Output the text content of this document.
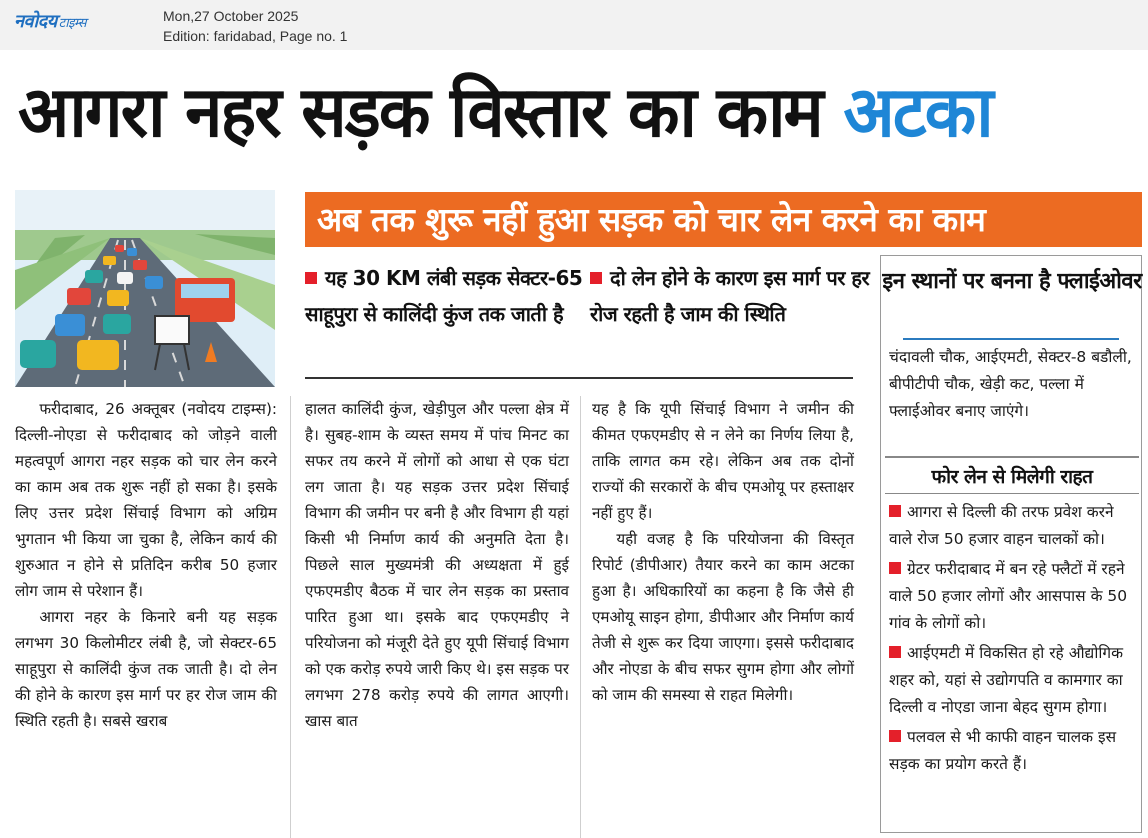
नवोदय टाइम्स	Mon,27 October 2025
Edition: faridabad, Page no. 1
आगरा नहर सड़क विस्तार का काम अटका
अब तक शुरू नहीं हुआ सड़क को चार लेन करने का काम
यह 30 KM लंबी सड़क सेक्टर-65 साहूपुरा से कालिंदी कुंज तक जाती है
दो लेन होने के कारण इस मार्ग पर हर रोज रहती है जाम की स्थिति

फरीदाबाद, 26 अक्तूबर (नवोदय टाइम्स): दिल्ली-नोएडा से फरीदाबाद को जोड़ने वाली महत्वपूर्ण आगरा नहर सड़क को चार लेन करने का काम अब तक शुरू नहीं हो सका है। इसके लिए उत्तर प्रदेश सिंचाई विभाग को अग्रिम भुगतान भी किया जा चुका है, लेकिन कार्य की शुरुआत न होने से प्रतिदिन करीब 50 हजार लोग जाम से परेशान हैं।

आगरा नहर के किनारे बनी यह सड़क लगभग 30 किलोमीटर लंबी है, जो सेक्टर-65 साहूपुरा से कालिंदी कुंज तक जाती है। दो लेन की होने के कारण इस मार्ग पर हर रोज जाम की स्थिति रहती है। सबसे खराब

हालत कालिंदी कुंज, खेड़ीपुल और पल्ला क्षेत्र में है। सुबह-शाम के व्यस्त समय में पांच मिनट का सफर तय करने में लोगों को आधा से एक घंटा लग जाता है। यह सड़क उत्तर प्रदेश सिंचाई विभाग की जमीन पर बनी है और विभाग ही यहां किसी भी निर्माण कार्य की अनुमति देता है। पिछले साल मुख्यमंत्री की अध्यक्षता में हुई एफएमडीए बैठक में चार लेन सड़क का प्रस्ताव पारित हुआ था। इसके बाद एफएमडीए ने परियोजना को मंजूरी देते हुए यूपी सिंचाई विभाग को एक करोड़ रुपये जारी किए थे। इस सड़क पर लगभग 278 करोड़ रुपये की लागत आएगी। खास बात

यह है कि यूपी सिंचाई विभाग ने जमीन की कीमत एफएमडीए से न लेने का निर्णय लिया है, ताकि लागत कम रहे। लेकिन अब तक दोनों राज्यों की सरकारों के बीच एमओयू पर हस्ताक्षर नहीं हुए हैं।

यही वजह है कि परियोजना की विस्तृत रिपोर्ट (डीपीआर) तैयार करने का काम अटका हुआ है। अधिकारियों का कहना है कि जैसे ही एमओयू साइन होगा, डीपीआर और निर्माण कार्य तेजी से शुरू कर दिया जाएगा। इससे फरीदाबाद और नोएडा के बीच सफर सुगम होगा और लोगों को जाम की समस्या से राहत मिलेगी।

इन स्थानों पर बनना है फ्लाईओवर
चंदावली चौक, आईएमटी, सेक्टर-8 बडौली, बीपीटीपी चौक, खेड़ी कट, पल्ला में फ्लाईओवर बनाए जाएंगे।
फोर लेन से मिलेगी राहत
आगरा से दिल्ली की तरफ प्रवेश करने वाले रोज 50 हजार वाहन चालकों को।
ग्रेटर फरीदाबाद में बन रहे फ्लैटों में रहने वाले 50 हजार लोगों और आसपास के 50 गांव के लोगों को।
आईएमटी में विकसित हो रहे औद्योगिक शहर को, यहां से उद्योगपति व कामगार का दिल्ली व नोएडा जाना बेहद सुगम होगा।
पलवल से भी काफी वाहन चालक इस सड़क का प्रयोग करते हैं।
